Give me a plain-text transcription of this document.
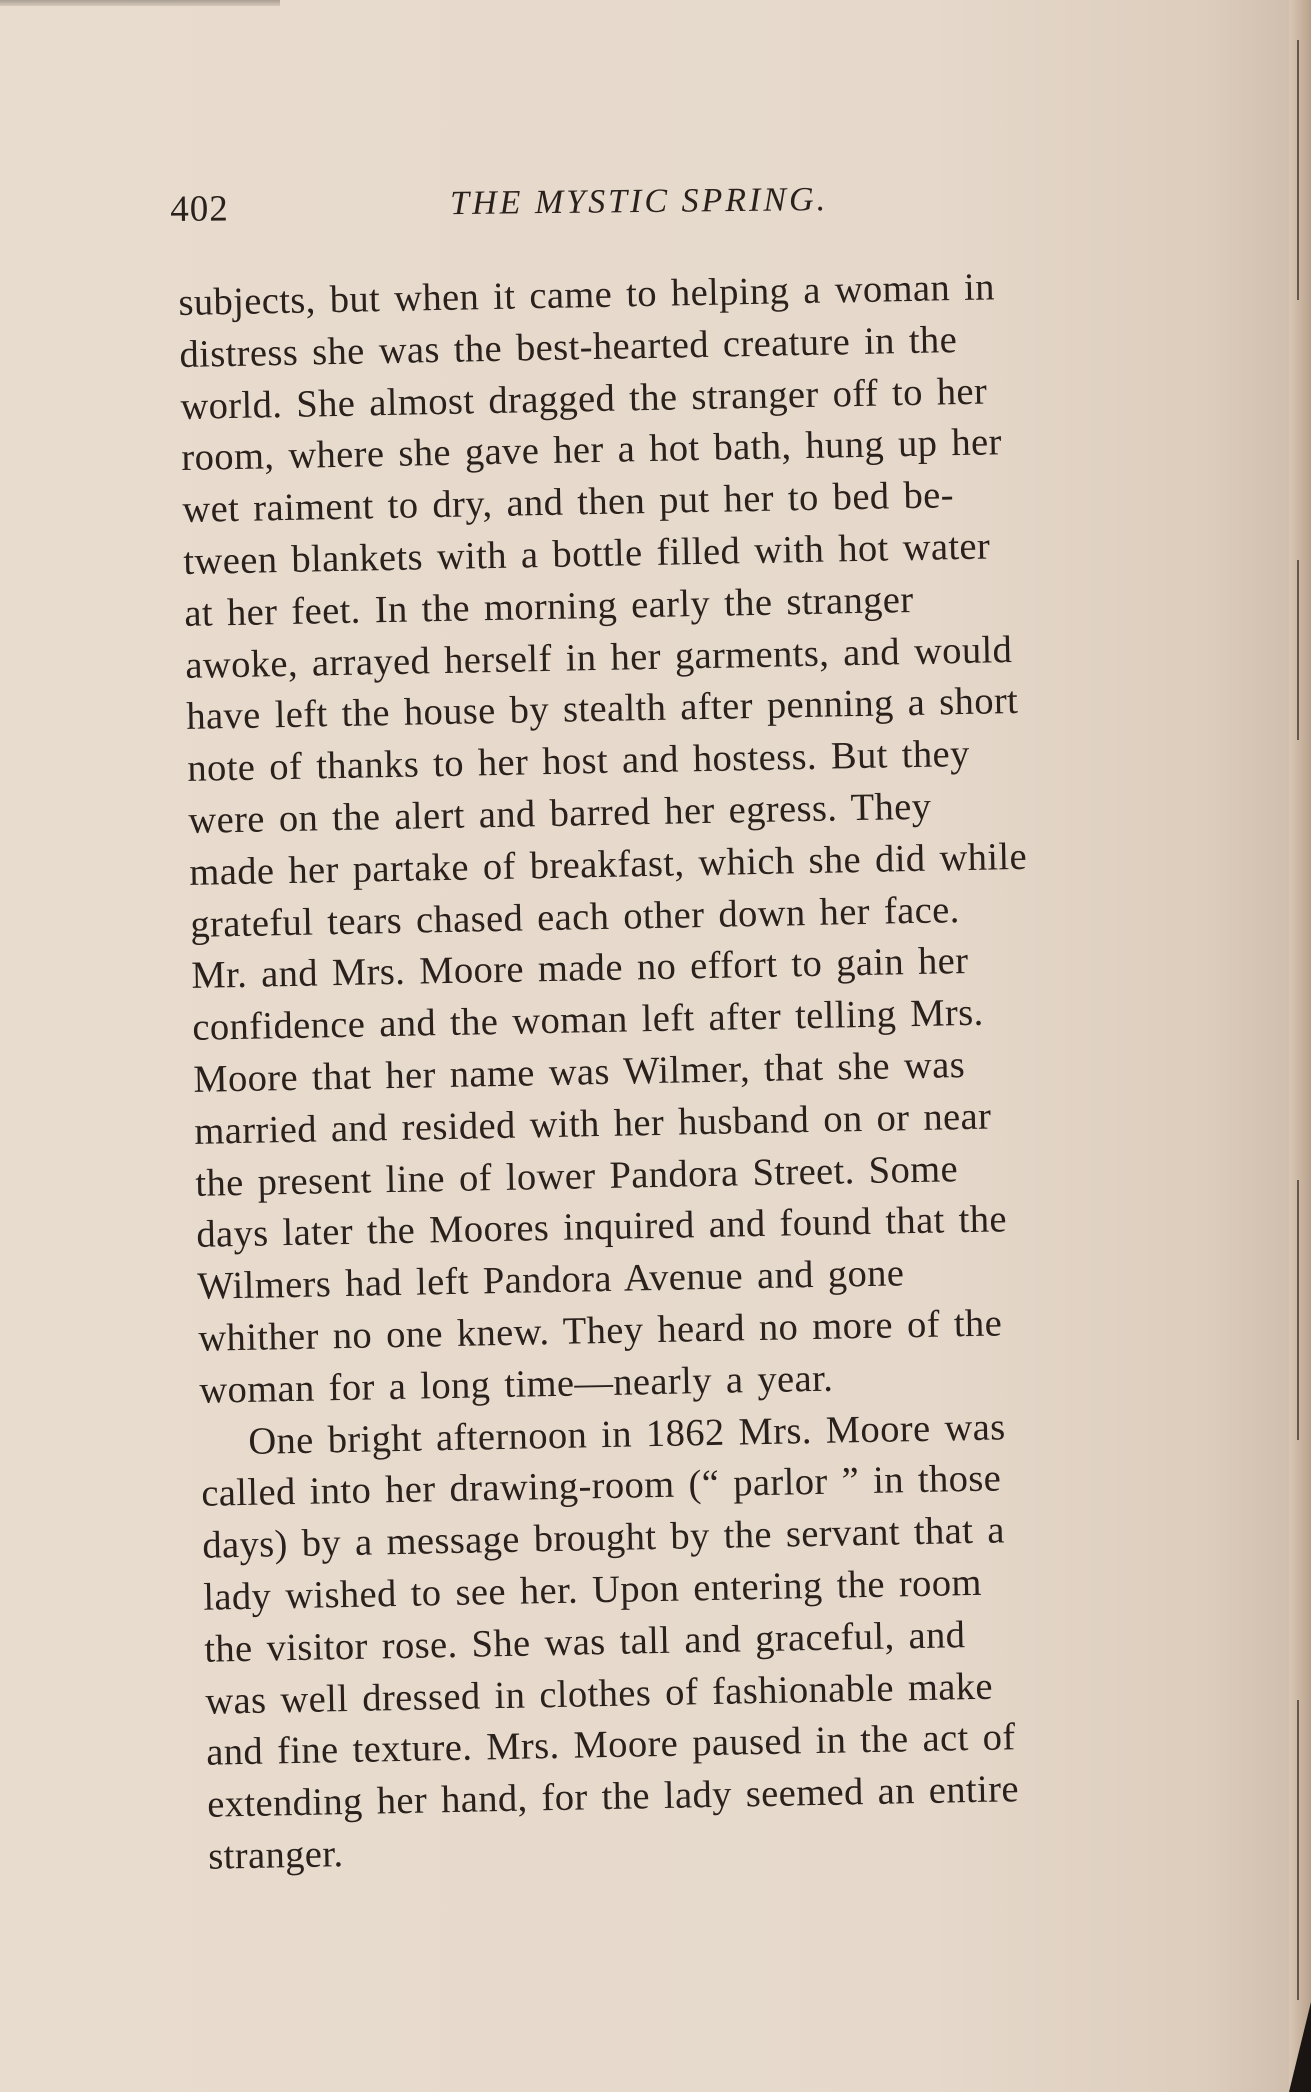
402	THE MYSTIC SPRING.
subjects, but when it came to helping a woman in
distress she was the best-hearted creature in the
world. She almost dragged the stranger off to her
room, where she gave her a hot bath, hung up her
wet raiment to dry, and then put her to bed be-
tween blankets with a bottle filled with hot water
at her feet. In the morning early the stranger
awoke, arrayed herself in her garments, and would
have left the house by stealth after penning a short
note of thanks to her host and hostess. But they
were on the alert and barred her egress. They
made her partake of breakfast, which she did while
grateful tears chased each other down her face.
Mr. and Mrs. Moore made no effort to gain her
confidence and the woman left after telling Mrs.
Moore that her name was Wilmer, that she was
married and resided with her husband on or near
the present line of lower Pandora Street. Some
days later the Moores inquired and found that the
Wilmers had left Pandora Avenue and gone
whither no one knew. They heard no more of the
woman for a long time—nearly a year.
One bright afternoon in 1862 Mrs. Moore was
called into her drawing-room (“ parlor ” in those
days) by a message brought by the servant that a
lady wished to see her. Upon entering the room
the visitor rose. She was tall and graceful, and
was well dressed in clothes of fashionable make
and fine texture. Mrs. Moore paused in the act of
extending her hand, for the lady seemed an entire
stranger.
